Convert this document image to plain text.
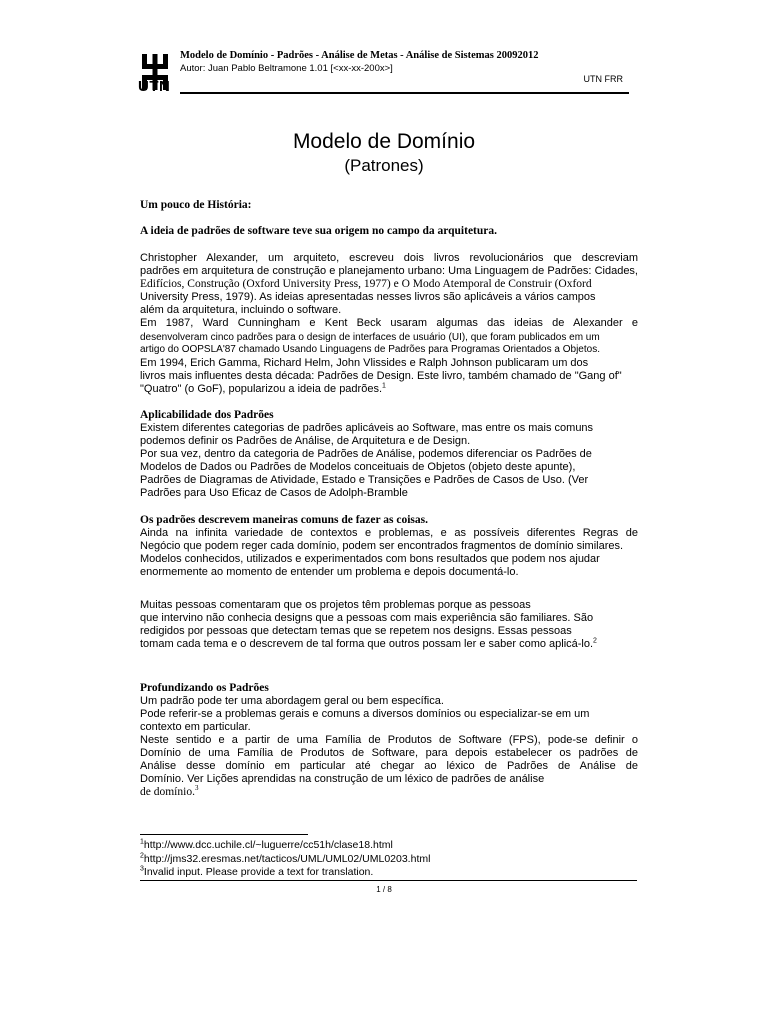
UTN
Modelo de Domínio - Padrões - Análise de Metas - Análise de Sistemas 20092012
Autor: Juan Pablo Beltramone 1.01 [<xx-xx-200x>]
UTN FRR
Modelo de Domínio
(Patrones)
Um pouco de História:
A ideia de padrões de software teve sua origem no campo da arquitetura.
Christopher Alexander, um arquiteto, escreveu dois livros revolucionários que descreviam
padrões em arquitetura de construção e planejamento urbano: Uma Linguagem de Padrões: Cidades,
Edifícios, Construção (Oxford University Press, 1977) e O Modo Atemporal de Construir (Oxford
University Press, 1979). As ideias apresentadas nesses livros são aplicáveis a vários campos
além da arquitetura, incluindo o software.
Em 1987, Ward Cunningham e Kent Beck usaram algumas das ideias de Alexander e
desenvolveram cinco padrões para o design de interfaces de usuário (UI), que foram publicados em um
artigo do OOPSLA'87 chamado Usando Linguagens de Padrões para Programas Orientados a Objetos.
Em 1994, Erich Gamma, Richard Helm, John Vlissides e Ralph Johnson publicaram um dos
livros mais influentes desta década: Padrões de Design. Este livro, também chamado de "Gang of"
"Quatro" (o GoF), popularizou a ideia de padrões.$^1$
Aplicabilidade dos Padrões
Existem diferentes categorias de padrões aplicáveis ao Software, mas entre os mais comuns
podemos definir os Padrões de Análise, de Arquitetura e de Design.
Por sua vez, dentro da categoria de Padrões de Análise, podemos diferenciar os Padrões de
Modelos de Dados ou Padrões de Modelos conceituais de Objetos (objeto deste apunte),
Padrões de Diagramas de Atividade, Estado e Transições e Padrões de Casos de Uso. (Ver
Padrões para Uso Eficaz de Casos de Adolph-Bramble
Os padrões descrevem maneiras comuns de fazer as coisas.
Ainda na infinita variedade de contextos e problemas, e as possíveis diferentes Regras de
Negócio que podem reger cada domínio, podem ser encontrados fragmentos de domínio similares.
Modelos conhecidos, utilizados e experimentados com bons resultados que podem nos ajudar
enormemente ao momento de entender um problema e depois documentá-lo.
Muitas pessoas comentaram que os projetos têm problemas porque as pessoas
que intervino não conhecia designs que a pessoas com mais experiência são familiares. São
redigidos por pessoas que detectam temas que se repetem nos designs. Essas pessoas
tomam cada tema e o descrevem de tal forma que outros possam ler e saber como aplicá-lo.$^2$
Profundizando os Padrões
Um padrão pode ter uma abordagem geral ou bem específica.
Pode referir-se a problemas gerais e comuns a diversos domínios ou especializar-se em um
contexto em particular.
Neste sentido e a partir de uma Família de Produtos de Software (FPS), pode-se definir o
Domínio de uma Família de Produtos de Software, para depois estabelecer os padrões de
Análise desse domínio em particular até chegar ao léxico de Padrões de Análise de
Domínio. Ver Lições aprendidas na construção de um léxico de padrões de análise
de domínio.$^3$
$^1$http://www.dcc.uchile.cl/~luguerre/cc51h/clase18.html
$^2$http://jms32.eresmas.net/tacticos/UML/UML02/UML0203.html
$^3$Invalid input. Please provide a text for translation.
1 / 8
